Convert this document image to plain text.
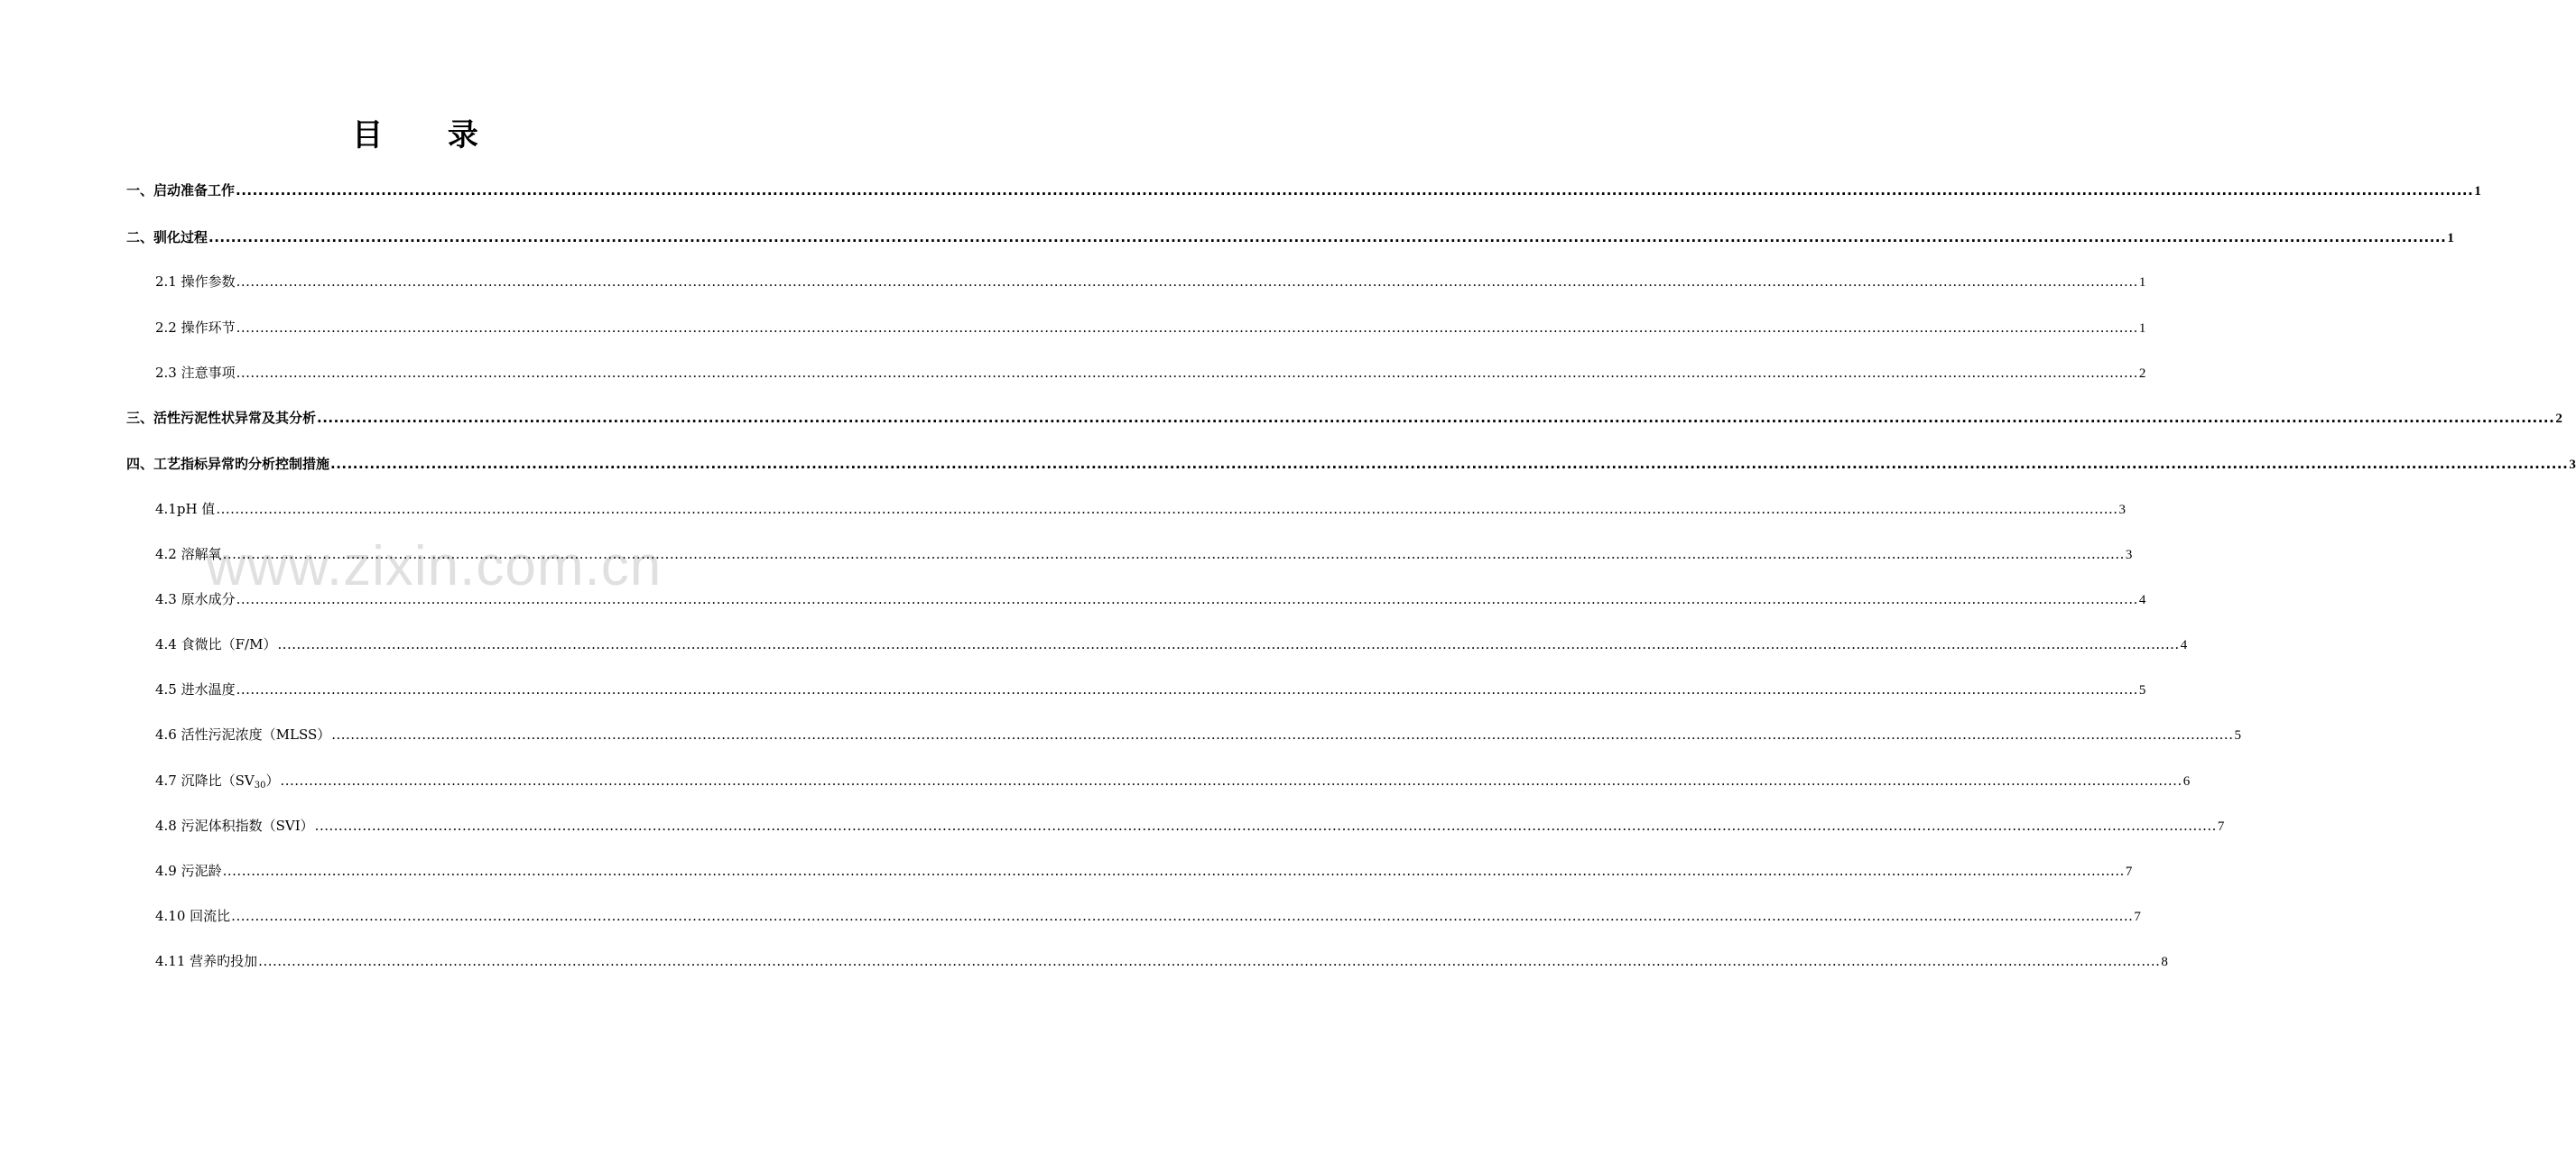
目 录
www.zixin.com.cn
一、启动准备工作 ................................................................................................................................................................................................................................................................................................................................................................................................................ 1
二、驯化过程 ................................................................................................................................................................................................................................................................................................................................................................................................................ 1
2.1 操作参数 ................................................................................................................................................................................................................................................................................................................................................................................................................ 1
2.2 操作环节 ................................................................................................................................................................................................................................................................................................................................................................................................................ 1
2.3 注意事项 ................................................................................................................................................................................................................................................................................................................................................................................................................ 2
三、活性污泥性状异常及其分析 ................................................................................................................................................................................................................................................................................................................................................................................................................ 2
四、工艺指标异常旳分析控制措施 ................................................................................................................................................................................................................................................................................................................................................................................................................ 3
4.1pH 值 ................................................................................................................................................................................................................................................................................................................................................................................................................ 3
4.2 溶解氧 ................................................................................................................................................................................................................................................................................................................................................................................................................ 3
4.3 原水成分 ................................................................................................................................................................................................................................................................................................................................................................................................................ 4
4.4 食微比（F/M） ................................................................................................................................................................................................................................................................................................................................................................................................................ 4
4.5 进水温度 ................................................................................................................................................................................................................................................................................................................................................................................................................ 5
4.6 活性污泥浓度（MLSS） ................................................................................................................................................................................................................................................................................................................................................................................................................ 5
4.7 沉降比$(SV_{30})$ ................................................................................................................................................................................................................................................................................................................................................................................................................ 6
4.8 污泥体积指数（SVI） ................................................................................................................................................................................................................................................................................................................................................................................................................ 7
4.9 污泥龄 ................................................................................................................................................................................................................................................................................................................................................................................................................ 7
4.10 回流比 ................................................................................................................................................................................................................................................................................................................................................................................................................ 7
4.11 营养旳投加 ................................................................................................................................................................................................................................................................................................................................................................................................................ 8
